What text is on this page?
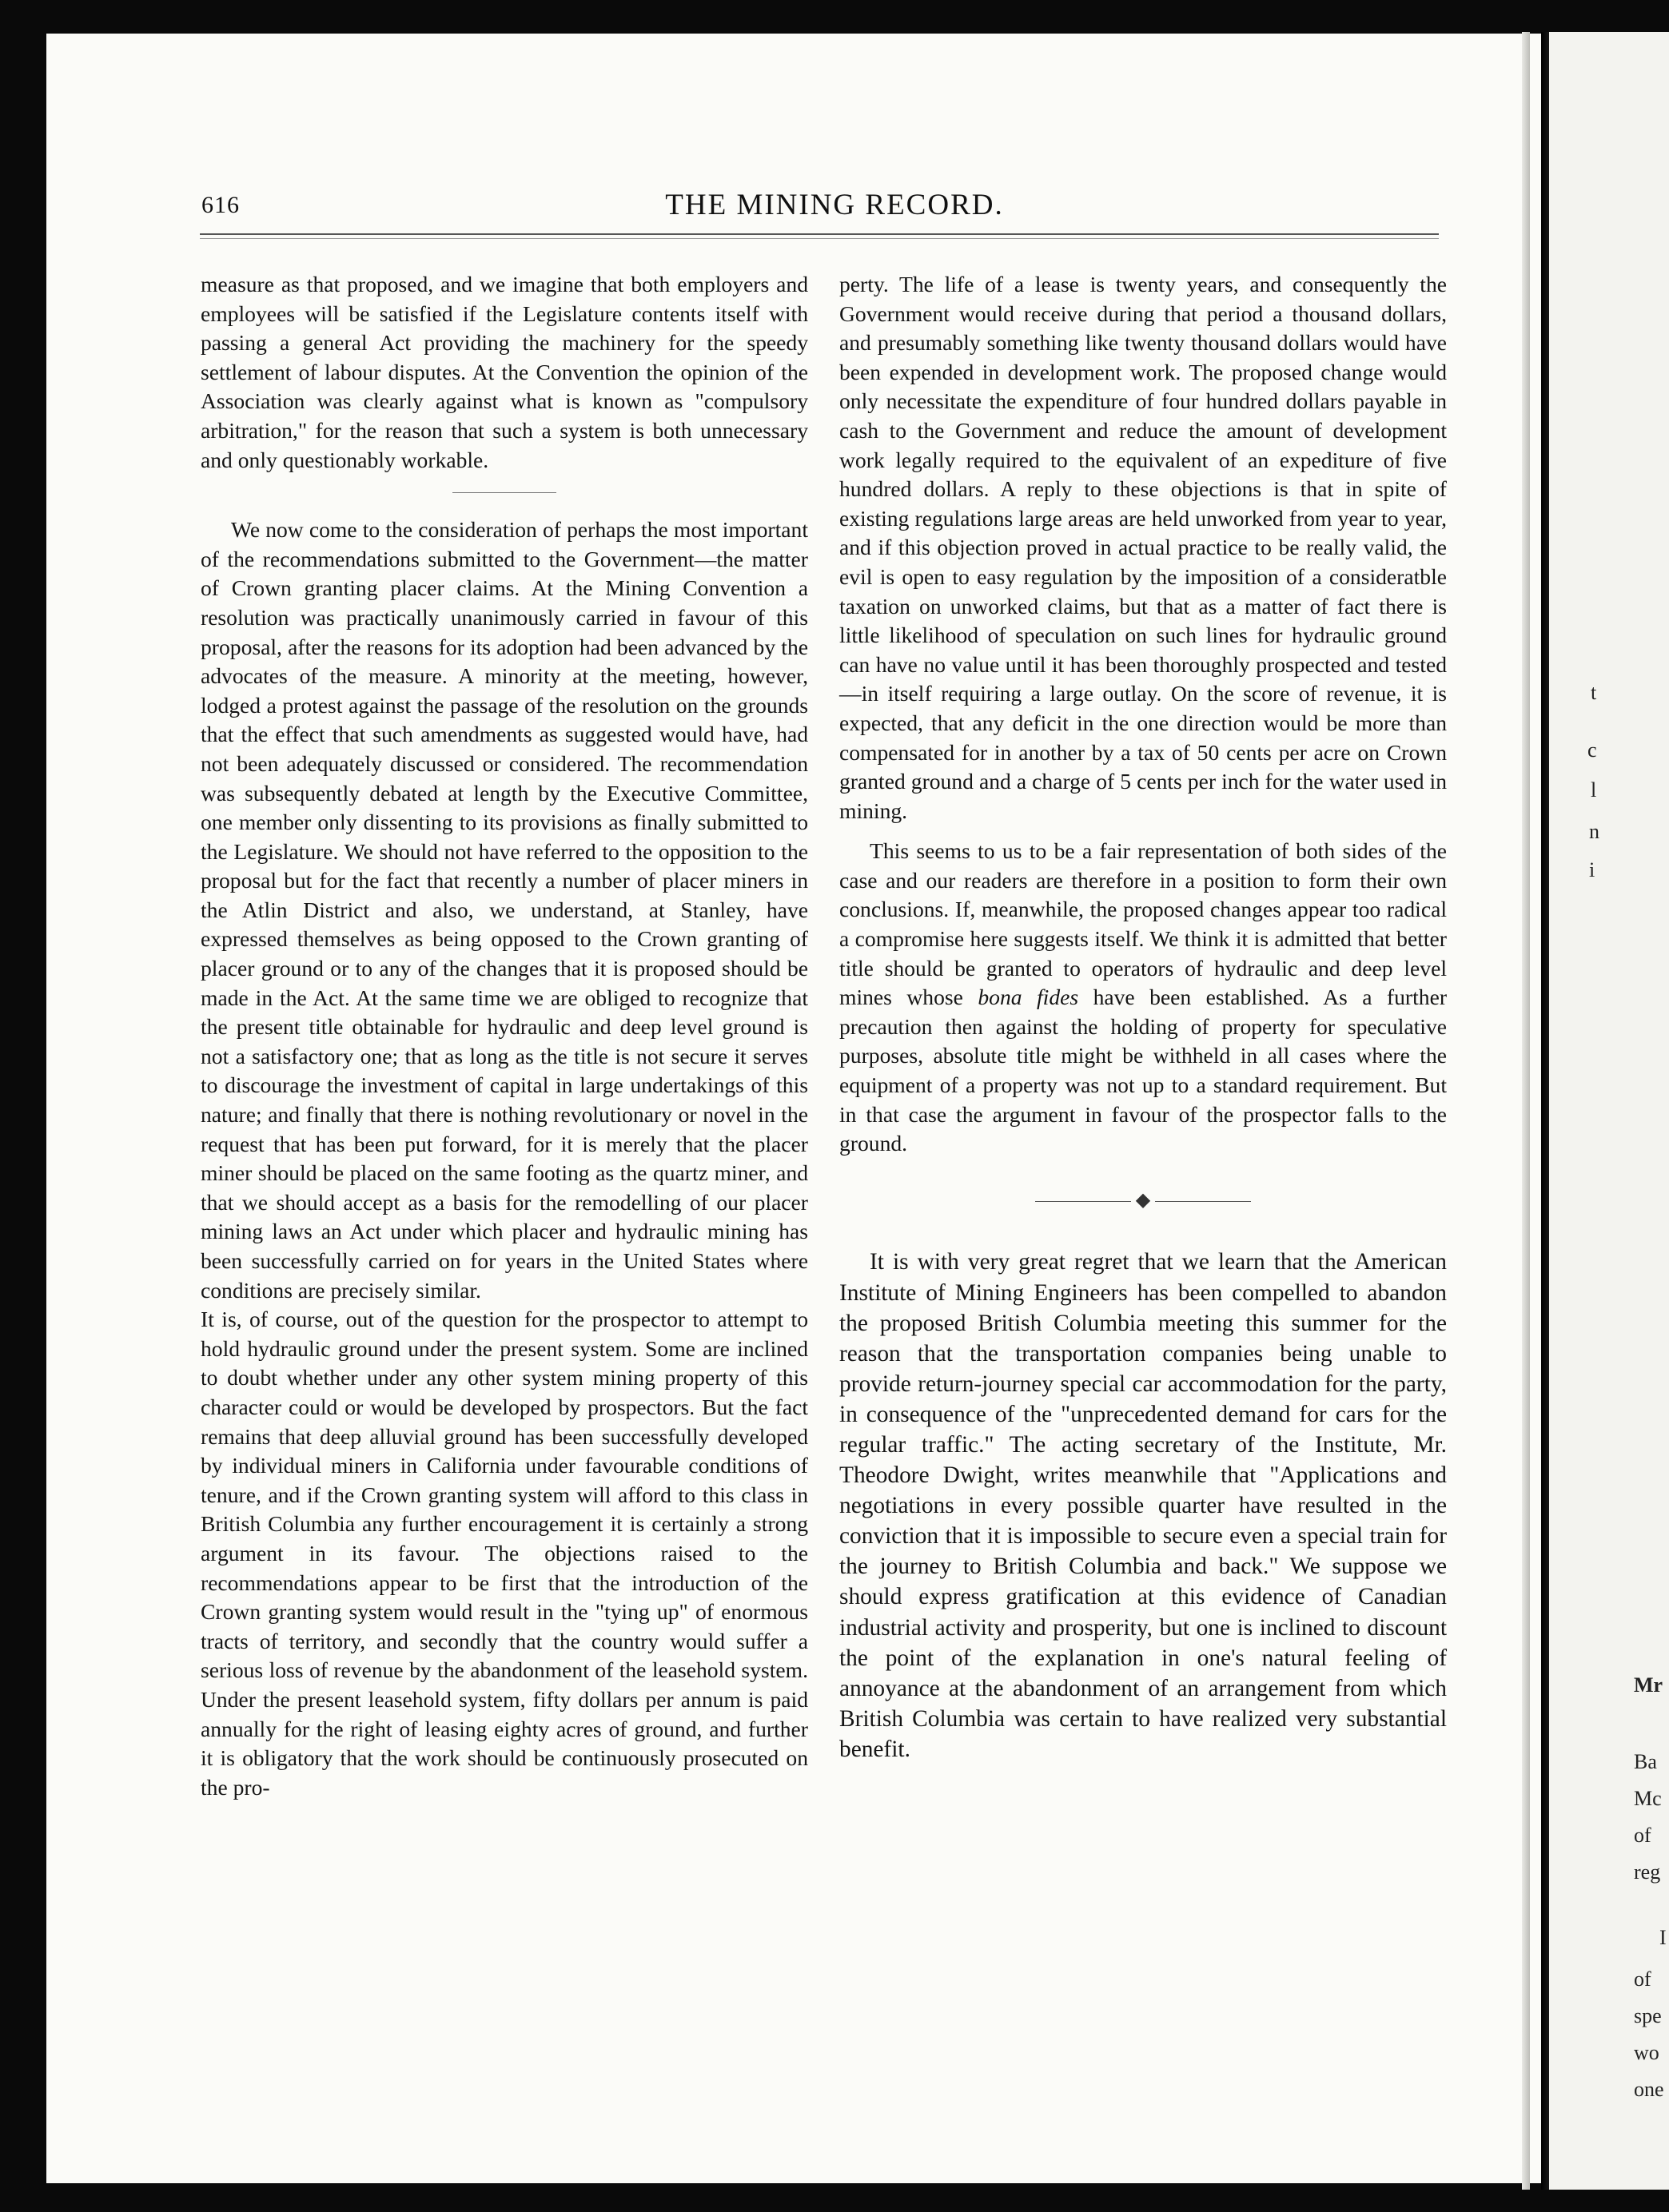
t
c
l
n
i
Mr
Ba
Mc
of
reg
I
of
spe
wo
one
616	THE MINING RECORD.

measure as that proposed, and we imagine that both employers and employees will be satisfied if the Legislature contents itself with passing a general Act providing the machinery for the speedy settlement of labour disputes. At the Convention the opinion of the Association was clearly against what is known as "compulsory arbitration," for the reason that such a system is both unnecessary and only questionably workable.

We now come to the consideration of perhaps the most important of the recommendations submitted to the Government—the matter of Crown granting placer claims. At the Mining Convention a resolution was practically unanimously carried in favour of this proposal, after the reasons for its adoption had been advanced by the advocates of the measure. A minority at the meeting, however, lodged a protest against the passage of the resolution on the grounds that the effect that such amendments as suggested would have, had not been adequately discussed or considered. The recommendation was subsequently debated at length by the Executive Committee, one member only dissenting to its provisions as finally submitted to the Legislature. We should not have referred to the opposition to the proposal but for the fact that recently a number of placer miners in the Atlin District and also, we understand, at Stanley, have expressed themselves as being opposed to the Crown granting of placer ground or to any of the changes that it is proposed should be made in the Act. At the same time we are obliged to recognize that the present title obtainable for hydraulic and deep level ground is not a satisfactory one; that as long as the title is not secure it serves to discourage the investment of capital in large undertakings of this nature; and finally that there is nothing revolutionary or novel in the request that has been put forward, for it is merely that the placer miner should be placed on the same footing as the quartz miner, and that we should accept as a basis for the remodelling of our placer mining laws an Act under which placer and hydraulic mining has been successfully carried on for years in the United States where conditions are precisely similar.

It is, of course, out of the question for the prospector to attempt to hold hydraulic ground under the present system. Some are inclined to doubt whether under any other system mining property of this character could or would be developed by prospectors. But the fact remains that deep alluvial ground has been successfully developed by individual miners in California under favourable conditions of tenure, and if the Crown granting system will afford to this class in British Columbia any further encouragement it is certainly a strong argument in its favour. The objections raised to the recommendations appear to be first that the introduction of the Crown granting system would result in the "tying up" of enormous tracts of territory, and secondly that the country would suffer a serious loss of revenue by the abandonment of the leasehold system. Under the present leasehold system, fifty dollars per annum is paid annually for the right of leasing eighty acres of ground, and further it is obligatory that the work should be continuously prosecuted on the pro-

perty. The life of a lease is twenty years, and consequently the Government would receive during that period a thousand dollars, and presumably something like twenty thousand dollars would have been expended in development work. The proposed change would only necessitate the expenditure of four hundred dollars payable in cash to the Government and reduce the amount of development work legally required to the equivalent of an expediture of five hundred dollars. A reply to these objections is that in spite of existing regulations large areas are held unworked from year to year, and if this objection proved in actual practice to be really valid, the evil is open to easy regulation by the imposition of a consideratble taxation on unworked claims, but that as a matter of fact there is little likelihood of speculation on such lines for hydraulic ground can have no value until it has been thoroughly prospected and tested—in itself requiring a large outlay. On the score of revenue, it is expected, that any deficit in the one direction would be more than compensated for in another by a tax of 50 cents per acre on Crown granted ground and a charge of 5 cents per inch for the water used in mining.

This seems to us to be a fair representation of both sides of the case and our readers are therefore in a position to form their own conclusions. If, meanwhile, the proposed changes appear too radical a compromise here suggests itself. We think it is admitted that better title should be granted to operators of hydraulic and deep level mines whose bona fides have been established. As a further precaution then against the holding of property for speculative purposes, absolute title might be withheld in all cases where the equipment of a property was not up to a standard requirement. But in that case the argument in favour of the prospector falls to the ground.

◆

It is with very great regret that we learn that the American Institute of Mining Engineers has been compelled to abandon the proposed British Columbia meeting this summer for the reason that the transportation companies being unable to provide return-journey special car accommodation for the party, in consequence of the "unprecedented demand for cars for the regular traffic." The acting secretary of the Institute, Mr. Theodore Dwight, writes meanwhile that "Applications and negotiations in every possible quarter have resulted in the conviction that it is impossible to secure even a special train for the journey to British Columbia and back." We suppose we should express gratification at this evidence of Canadian industrial activity and prosperity, but one is inclined to discount the point of the explanation in one's natural feeling of annoyance at the abandonment of an arrangement from which British Columbia was certain to have realized very substantial benefit.
